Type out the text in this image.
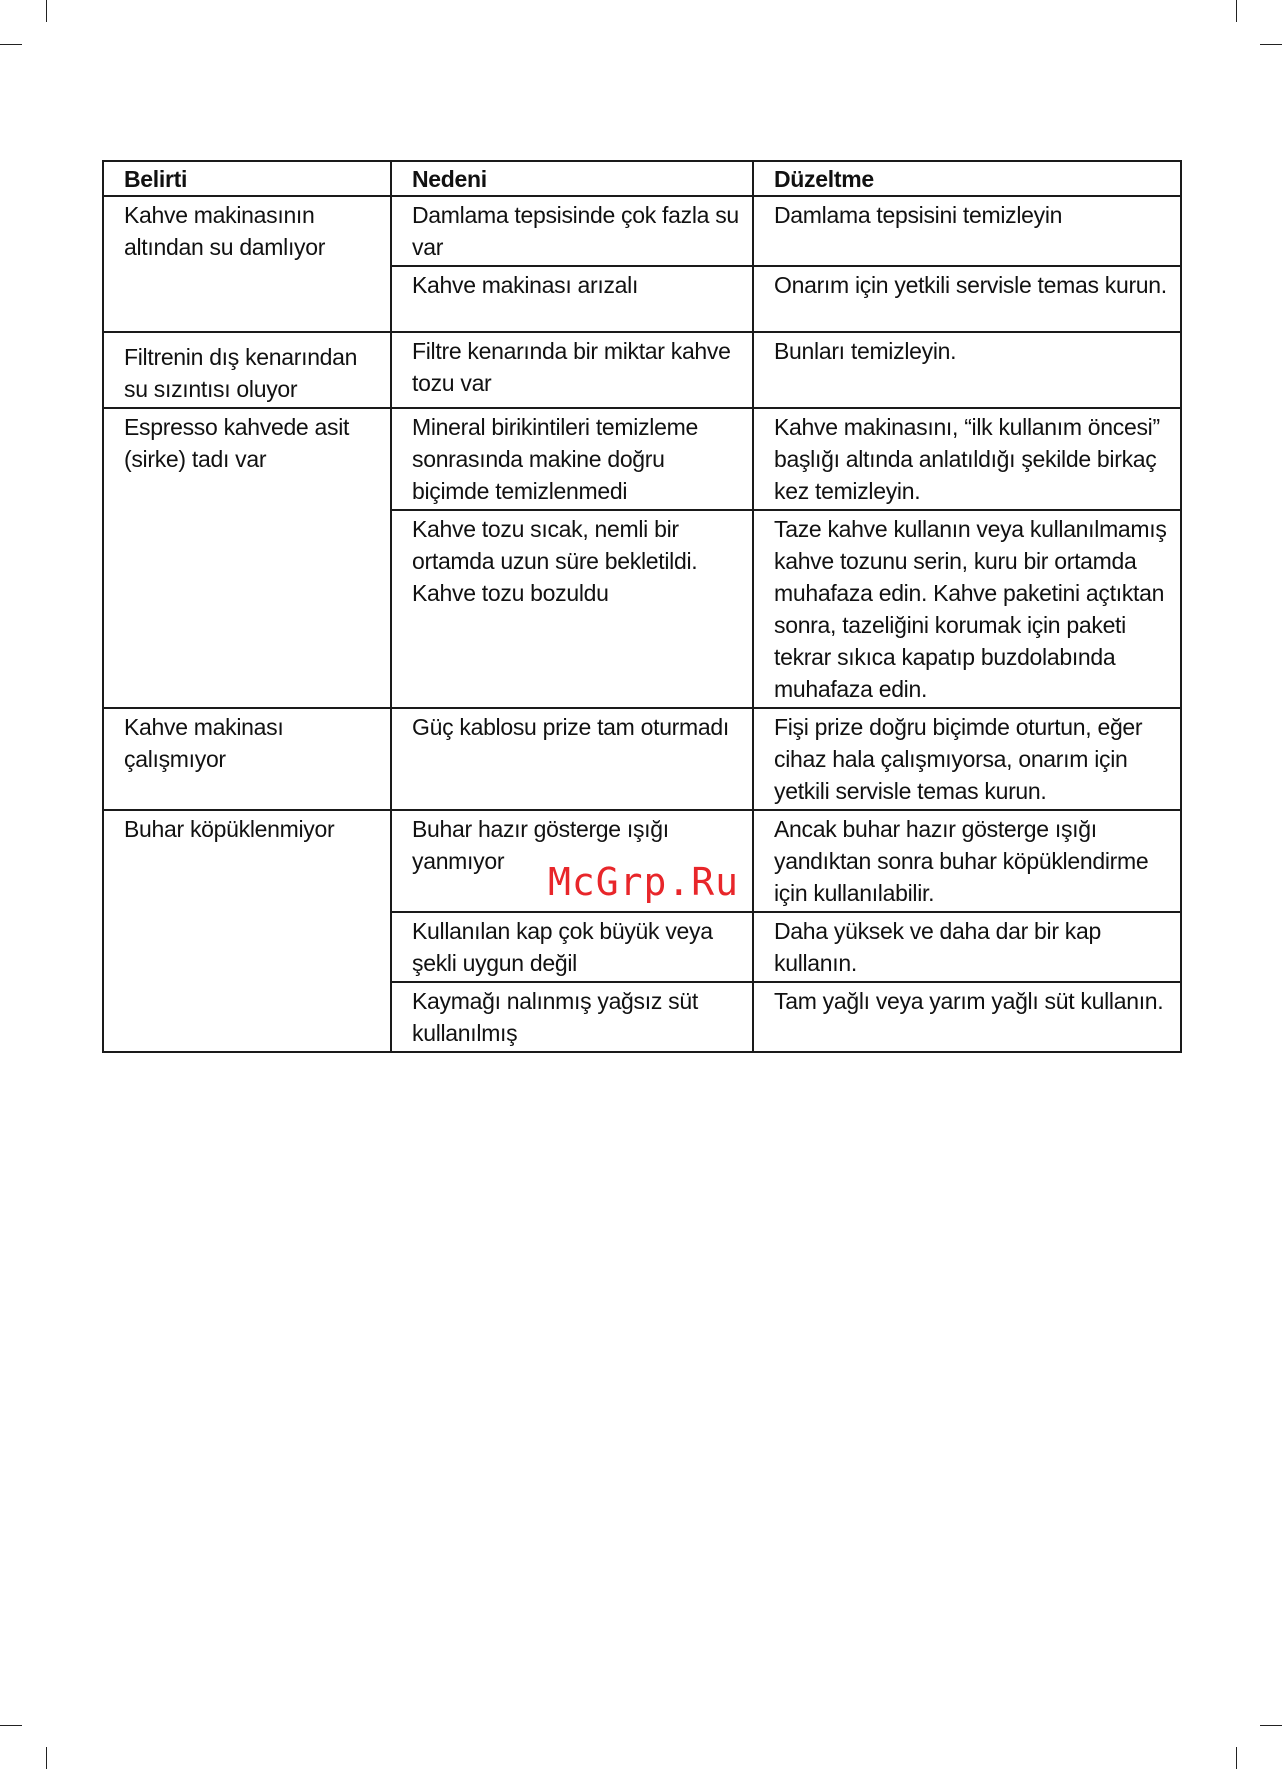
Belirti	Nedeni	Düzeltme
Kahve makinasının altından su damlıyor	Damlama tepsisinde çok fazla su var	Damlama tepsisini temizleyin
	Kahve makinası arızalı	Onarım için yetkili servisle temas kurun.
Filtrenin dış kenarından su sızıntısı oluyor	Filtre kenarında bir miktar kahve tozu var	Bunları temizleyin.
Espresso kahvede asit (sirke) tadı var	Mineral birikintileri temizleme sonrasında makine doğru biçimde temizlenmedi	Kahve makinasını, “ilk kullanım öncesi” başlığı altında anlatıldığı şekilde birkaç kez temizleyin.
	Kahve tozu sıcak, nemli bir ortamda uzun süre bekletildi. Kahve tozu bozuldu	Taze kahve kullanın veya kullanılmamış kahve tozunu serin, kuru bir ortamda muhafaza edin. Kahve paketini açtıktan sonra, tazeliğini korumak için paketi tekrar sıkıca kapatıp buzdolabında muhafaza edin.
Kahve makinası çalışmıyor	Güç kablosu prize tam oturmadı	Fişi prize doğru biçimde oturtun, eğer cihaz hala çalışmıyorsa, onarım için yetkili servisle temas kurun.
Buhar köpüklenmiyor	Buhar hazır gösterge ışığı yanmıyor	Ancak buhar hazır gösterge ışığı yandıktan sonra buhar köpüklendirme için kullanılabilir.
	Kullanılan kap çok büyük veya şekli uygun değil	Daha yüksek ve daha dar bir kap kullanın.
	Kaymağı nalınmış yağsız süt kullanılmış	Tam yağlı veya yarım yağlı süt kullanın.
McGrp.Ru
